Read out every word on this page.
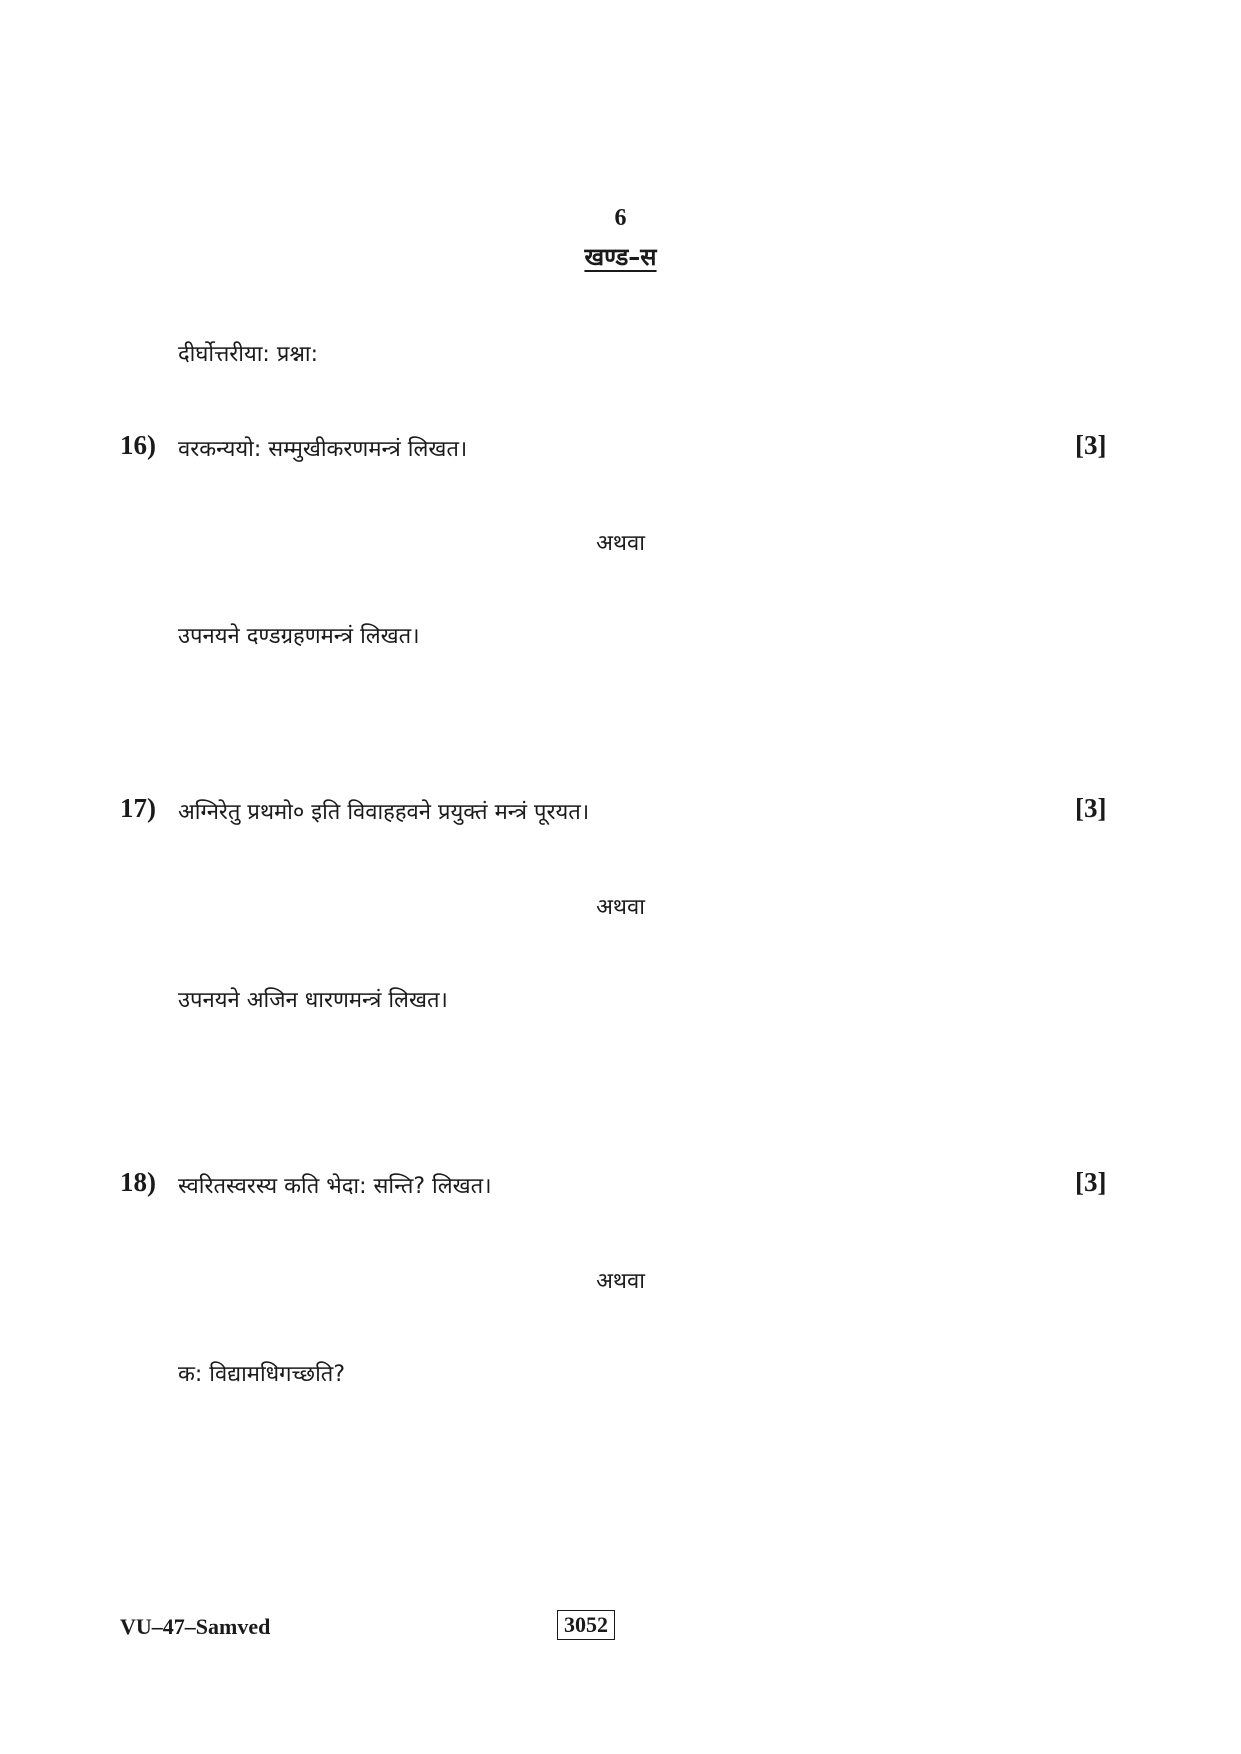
6
खण्ड–स
दीर्घोत्तरीया: प्रश्ना:
16) वरकन्ययो: सम्मुखीकरणमन्त्रं लिखत।	[3]
अथवा
उपनयने दण्डग्रहणमन्त्रं लिखत।
17) अग्निरेतु प्रथमो० इति विवाहहवने प्रयुक्तं मन्त्रं पूरयत।	[3]
अथवा
उपनयने अजिन धारणमन्त्रं लिखत।
18) स्वरितस्वरस्य कति भेदा: सन्ति? लिखत।	[3]
अथवा
क: विद्यामधिगच्छति?
VU–47–Samved	3052
